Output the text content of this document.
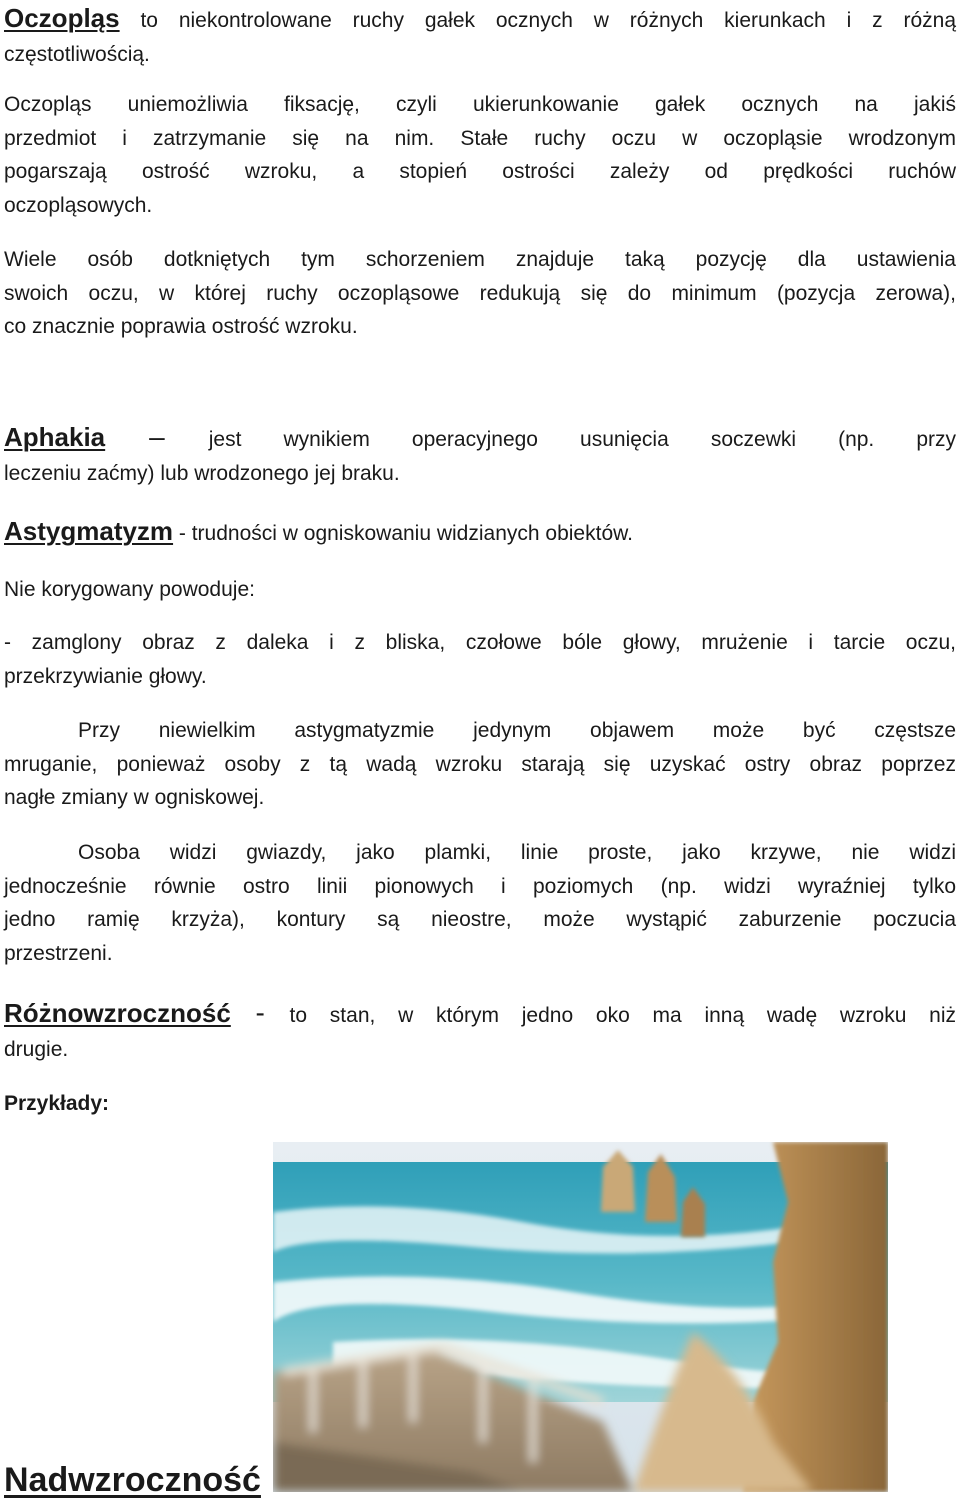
Oczopląs to niekontrolowane ruchy gałek ocznych w różnych kierunkach i z różną
częstotliwością.

Oczopląs uniemożliwia fiksację, czyli ukierunkowanie gałek ocznych na jakiś
przedmiot i zatrzymanie się na nim. Stałe ruchy oczu w oczopląsie wrodzonym
pogarszają ostrość wzroku, a stopień ostrości zależy od prędkości ruchów
oczopląsowych.

Wiele osób dotkniętych tym schorzeniem znajduje taką pozycję dla ustawienia
swoich oczu, w której ruchy oczopląsowe redukują się do minimum (pozycja zerowa),
co znacznie poprawia ostrość wzroku.

Aphakia – jest wynikiem operacyjnego usunięcia soczewki (np. przy
leczeniu zaćmy) lub wrodzonego jej braku.

Astygmatyzm - trudności w ogniskowaniu widzianych obiektów.

Nie korygowany powoduje:

- zamglony obraz z daleka i z bliska, czołowe bóle głowy, mrużenie i tarcie oczu,
przekrzywianie głowy.

Przy niewielkim astygmatyzmie jedynym objawem może być częstsze
mruganie, ponieważ osoby z tą wadą wzroku starają się uzyskać ostry obraz poprzez
nagłe zmiany w ogniskowej.

Osoba widzi gwiazdy, jako plamki, linie proste, jako krzywe, nie widzi
jednocześnie równie ostro linii pionowych i poziomych (np. widzi wyraźniej tylko
jedno ramię krzyża), kontury są nieostre, może wystąpić zaburzenie poczucia
przestrzeni.

Różnowzroczność - to stan, w którym jedno oko ma inną wadę wzroku niż
drugie.

Przykłady:
Nadwzroczność
